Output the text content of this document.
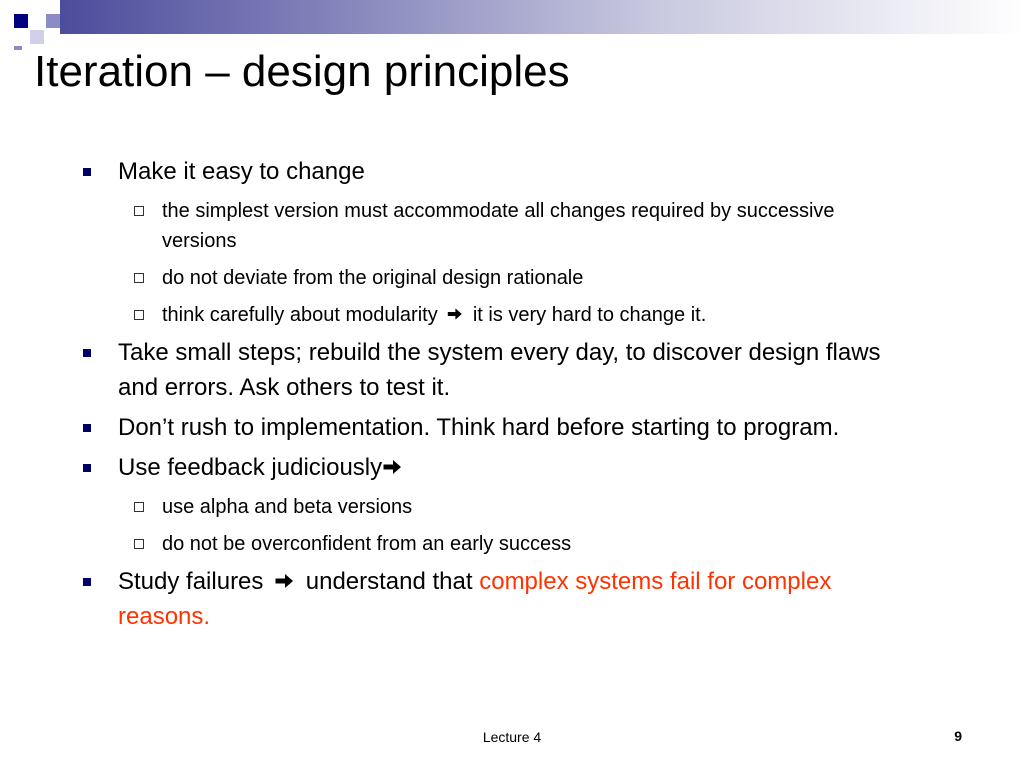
Iteration – design principles
Make it easy to change
the simplest version must accommodate all changes required by successive versions
do not deviate from the original design rationale
think carefully about modularity it is very hard to change it.
Take small steps; rebuild the system every day, to discover design flaws and errors. Ask others to test it.
Don’t rush to implementation. Think hard before starting to program.
Use feedback judiciously
use alpha and beta versions
do not be overconfident from an early success
Study failures understand that complex systems fail for complex reasons.
Lecture 4	9
